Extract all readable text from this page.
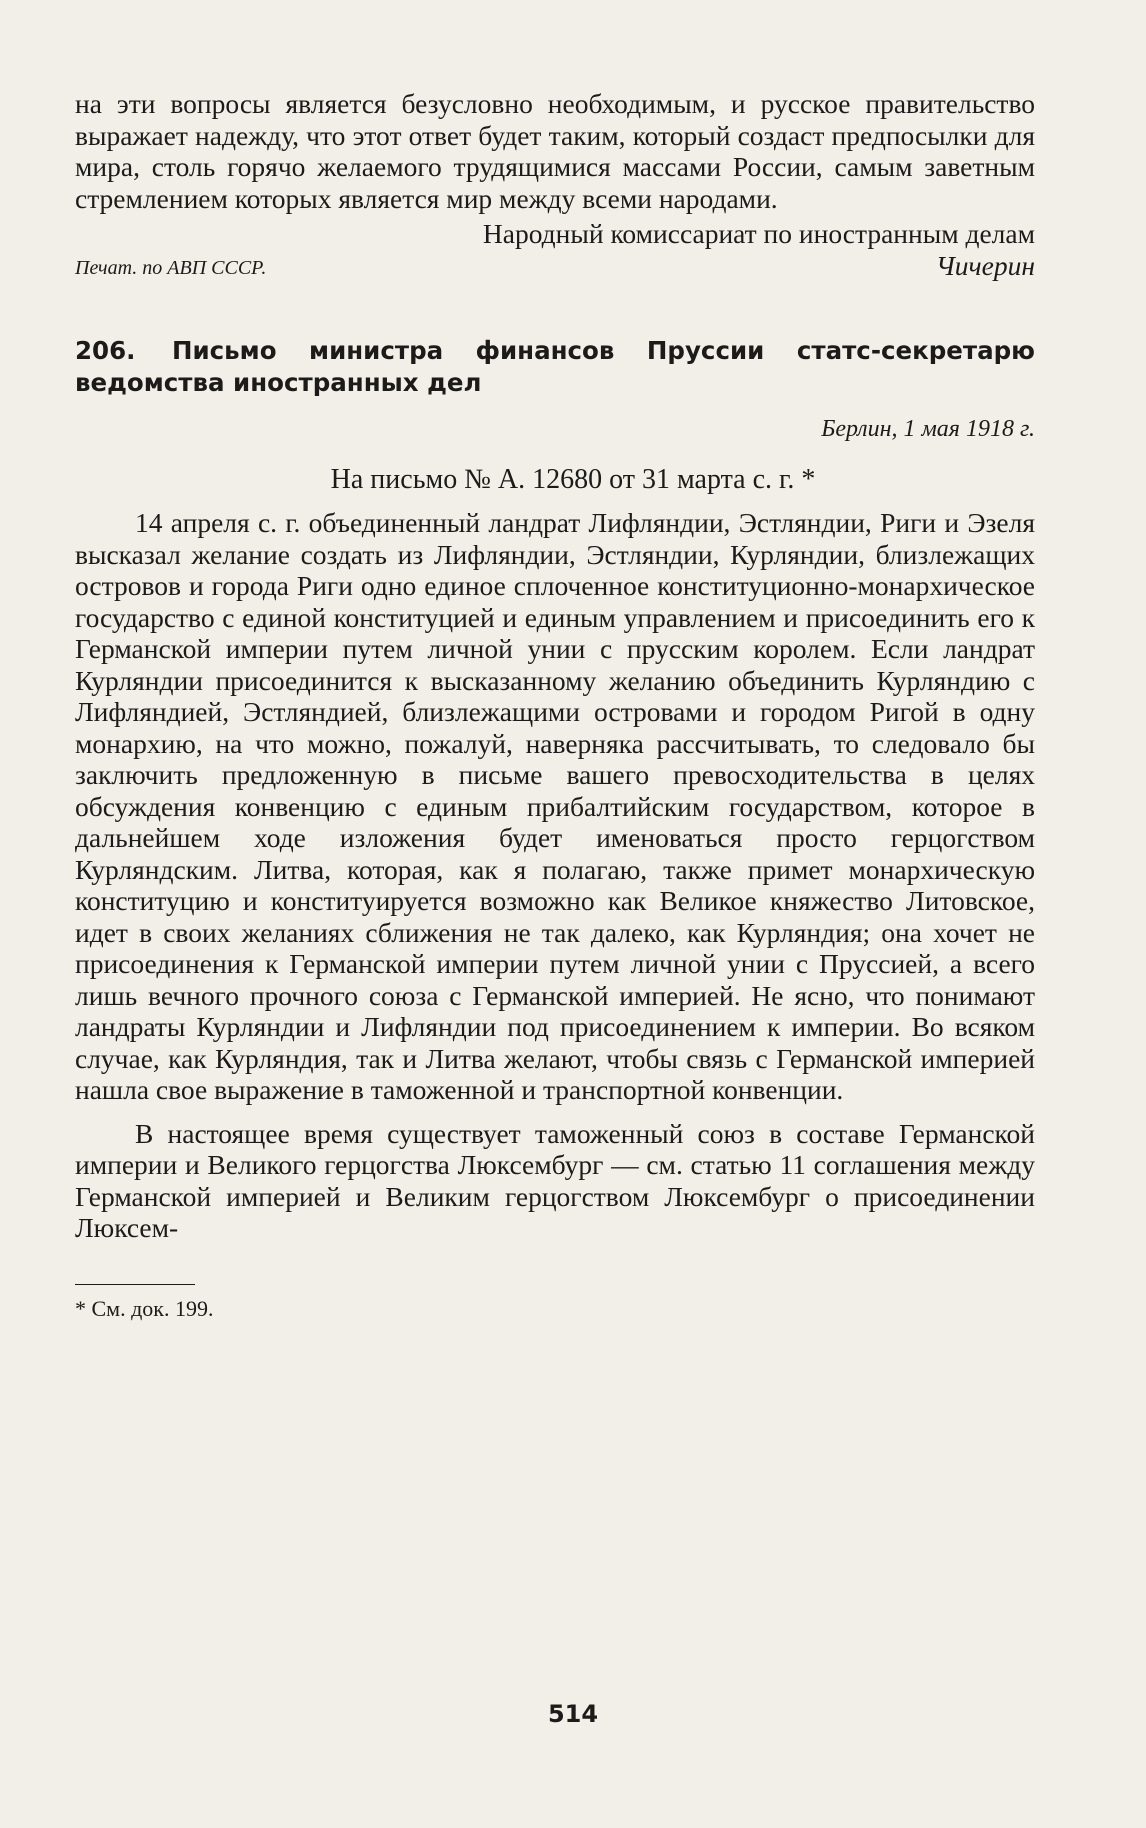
на эти вопросы является безусловно необходимым, и русское правительство выражает надежду, что этот ответ будет таким, который создаст предпосылки для мира, столь горячо желаемого трудящимися массами России, самым заветным стремлением которых является мир между всеми народами.

Народный комиссариат по иностранным делам
Чичерин
Печат. по АВП СССР.
206. Письмо министра финансов Пруссии статс-секретарю ведомства иностранных дел
Берлин, 1 мая 1918 г.
На письмо № А. 12680 от 31 марта с. г. *

14 апреля с. г. объединенный ландрат Лифляндии, Эстляндии, Риги и Эзеля высказал желание создать из Лифляндии, Эстляндии, Курляндии, близлежащих островов и города Риги одно единое сплоченное конституционно-монархическое государство с единой конституцией и единым управлением и присоединить его к Германской империи путем личной унии с прусским королем. Если ландрат Курляндии присоединится к высказанному желанию объединить Курляндию с Лифляндией, Эстляндией, близлежащими островами и городом Ригой в одну монархию, на что можно, пожалуй, наверняка рассчитывать, то следовало бы заключить предложенную в письме вашего превосходительства в целях обсуждения конвенцию с единым прибалтийским государством, которое в дальнейшем ходе изложения будет именоваться просто герцогством Курляндским. Литва, которая, как я полагаю, также примет монархическую конституцию и конституируется возможно как Великое княжество Литовское, идет в своих желаниях сближения не так далеко, как Курляндия; она хочет не присоединения к Германской империи путем личной унии с Пруссией, а всего лишь вечного прочного союза с Германской империей. Не ясно, что понимают ландраты Курляндии и Лифляндии под присоединением к империи. Во всяком случае, как Курляндия, так и Литва желают, чтобы связь с Германской империей нашла свое выражение в таможенной и транспортной конвенции.

В настоящее время существует таможенный союз в составе Германской империи и Великого герцогства Люксембург — см. статью 11 соглашения между Германской империей и Великим герцогством Люксембург о присоединении Люксем-

* См. док. 199.
514
